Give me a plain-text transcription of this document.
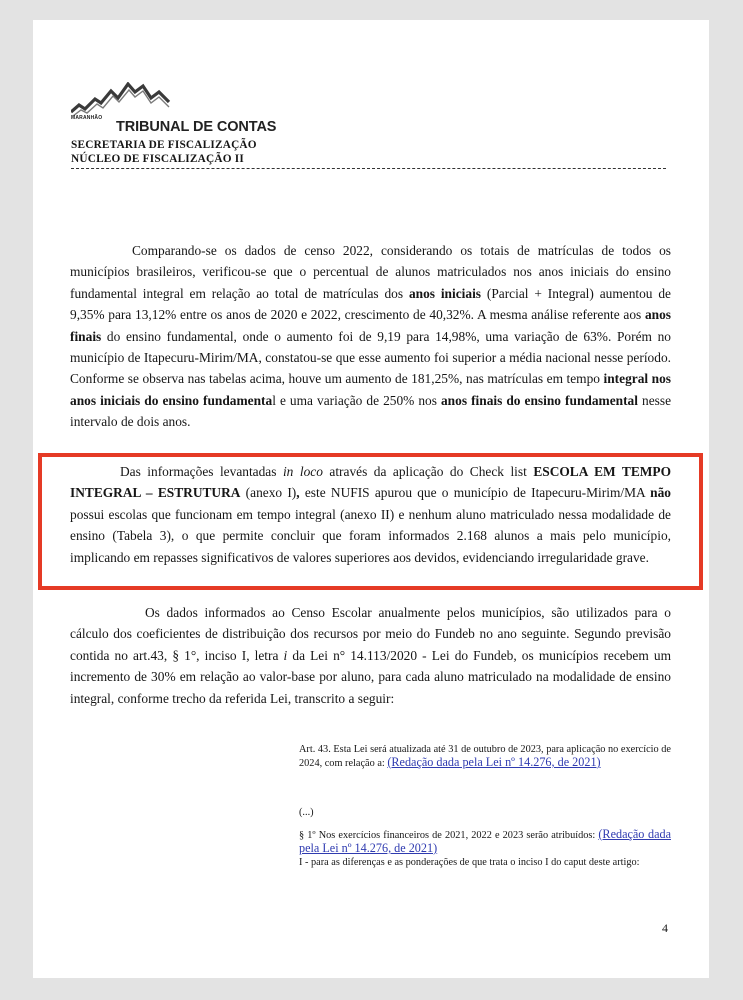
MARANHÃO
TRIBUNAL DE CONTAS
SECRETARIA DE FISCALIZAÇÃO
NÚCLEO DE FISCALIZAÇÃO II
Comparando-se os dados de censo 2022, considerando os totais de matrículas de todos os municípios brasileiros, verificou-se que o percentual de alunos matriculados nos anos iniciais do ensino fundamental integral em relação ao total de matrículas dos anos iniciais (Parcial + Integral) aumentou de 9,35% para 13,12% entre os anos de 2020 e 2022, crescimento de 40,32%. A mesma análise referente aos anos finais do ensino fundamental, onde o aumento foi de 9,19 para 14,98%, uma variação de 63%. Porém no município de Itapecuru-Mirim/MA, constatou-se que esse aumento foi superior a média nacional nesse período. Conforme se observa nas tabelas acima, houve um aumento de 181,25%, nas matrículas em tempo integral nos anos iniciais do ensino fundamental e uma variação de 250% nos anos finais do ensino fundamental nesse intervalo de dois anos.
Das informações levantadas in loco através da aplicação do Check list ESCOLA EM TEMPO INTEGRAL – ESTRUTURA (anexo I), este NUFIS apurou que o município de Itapecuru-Mirim/MA não possui escolas que funcionam em tempo integral (anexo II) e nenhum aluno matriculado nessa modalidade de ensino (Tabela 3), o que permite concluir que foram informados 2.168 alunos a mais pelo município, implicando em repasses significativos de valores superiores aos devidos, evidenciando irregularidade grave.
Os dados informados ao Censo Escolar anualmente pelos municípios, são utilizados para o cálculo dos coeficientes de distribuição dos recursos por meio do Fundeb no ano seguinte. Segundo previsão contida no art.43, § 1°, inciso I, letra i da Lei n° 14.113/2020 - Lei do Fundeb, os municípios recebem um incremento de 30% em relação ao valor-base por aluno, para cada aluno matriculado na modalidade de ensino integral, conforme trecho da referida Lei, transcrito a seguir:
Art. 43. Esta Lei será atualizada até 31 de outubro de 2023, para aplicação no exercício de 2024, com relação a: (Redação dada pela Lei nº 14.276, de 2021)
(...)
§ 1º Nos exercícios financeiros de 2021, 2022 e 2023 serão atribuídos: (Redação dada pela Lei nº 14.276, de 2021)
I - para as diferenças e as ponderações de que trata o inciso I do caput deste artigo:
4
